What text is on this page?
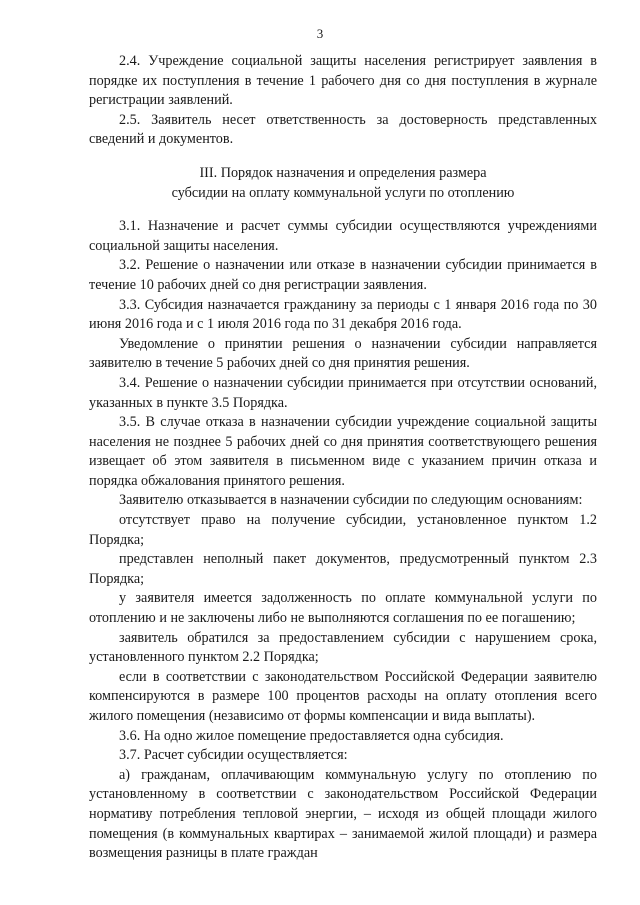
3

2.4. Учреждение социальной защиты населения регистрирует заявления в порядке их поступления в течение 1 рабочего дня со дня поступления в журнале регистрации заявлений.

2.5. Заявитель несет ответственность за достоверность представленных сведений и документов.

III. Порядок назначения и определения размера
субсидии на оплату коммунальной услуги по отоплению

3.1. Назначение и расчет суммы субсидии осуществляются учреждениями социальной защиты населения.

3.2. Решение о назначении или отказе в назначении субсидии принимается в течение 10 рабочих дней со дня регистрации заявления.

3.3. Субсидия назначается гражданину за периоды с 1 января 2016 года по 30 июня 2016 года и с 1 июля 2016 года по 31 декабря 2016 года.

Уведомление о принятии решения о назначении субсидии направляется заявителю в течение 5 рабочих дней со дня принятия решения.

3.4. Решение о назначении субсидии принимается при отсутствии оснований, указанных в пункте 3.5 Порядка.

3.5. В случае отказа в назначении субсидии учреждение социальной защиты населения не позднее 5 рабочих дней со дня принятия соответствующего решения извещает об этом заявителя в письменном виде с указанием причин отказа и порядка обжалования принятого решения.

Заявителю отказывается в назначении субсидии по следующим основаниям:

отсутствует право на получение субсидии, установленное пунктом 1.2 Порядка;

представлен неполный пакет документов, предусмотренный пунктом 2.3 Порядка;

у заявителя имеется задолженность по оплате коммунальной услуги по отоплению и не заключены либо не выполняются соглашения по ее погашению;

заявитель обратился за предоставлением субсидии с нарушением срока, установленного пунктом 2.2 Порядка;

если в соответствии с законодательством Российской Федерации заявителю компенсируются в размере 100 процентов расходы на оплату отопления всего жилого помещения (независимо от формы компенсации и вида выплаты).

3.6. На одно жилое помещение предоставляется одна субсидия.

3.7. Расчет субсидии осуществляется:

а) гражданам, оплачивающим коммунальную услугу по отоплению по установленному в соответствии с законодательством Российской Федерации нормативу потребления тепловой энергии, – исходя из общей площади жилого помещения (в коммунальных квартирах – занимаемой жилой площади) и размера возмещения разницы в плате граждан
